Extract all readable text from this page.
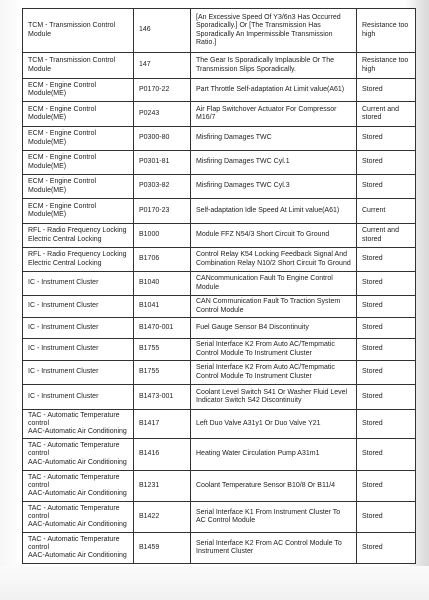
TCM - Transmission Control
Module	146	[An Excessive Speed Of Y3/6n3 Has Occurred
Sporadically.] Or [The Transmission Has
Sporadically An Impermissible Transmission
Ratio.]	Resistance too
high
TCM - Transmission Control
Module	147	The Gear Is Sporadically Implausible Or The
Transmission Slips Sporadically.	Resistance too
high
ECM - Engine Control
Module(ME)	P0170-22	Part Throttle Self-adaptation At Limit value(A61)	Stored
ECM - Engine Control
Module(ME)	P0243	Air Flap Switchover Actuator For Compressor
M16/7	Current and
stored
ECM - Engine Control
Module(ME)	P0300-80	Misfiring Damages TWC	Stored
ECM - Engine Control
Module(ME)	P0301-81	Misfiring Damages TWC Cyl.1	Stored
ECM - Engine Control
Module(ME)	P0303-82	Misfiring Damages TWC Cyl.3	Stored
ECM - Engine Control
Module(ME)	P0170-23	Self-adaptation Idle Speed At Limit value(A61)	Current
RFL - Radio Frequency Locking
Electric Central Locking	B1000	Module FFZ N54/3 Short Circuit To Ground	Current and
stored
RFL - Radio Frequency Locking
Electric Central Locking	B1706	Control Relay K54 Locking Feedback Signal And
Combination Relay N10/2 Short Circuit To Ground	Stored
IC - Instrument Cluster	B1040	CANcommunication Fault To Engine Control
Module	Stored
IC - Instrument Cluster	B1041	CAN Communication Fault To Traction System
Control Module	Stored
IC - Instrument Cluster	B1470-001	Fuel Gauge Sensor B4 Discontinuity	Stored
IC - Instrument Cluster	B1755	Serial Interface K2 From Auto AC/Tempmatic
Control Module To Instrument Cluster	Stored
IC - Instrument Cluster	B1755	Serial Interface K2 From Auto AC/Tempmatic
Control Module To Instrument Cluster	Stored
IC - Instrument Cluster	B1473-001	Coolant Level Switch S41 Or Washer Fluid Level
Indicator Switch S42 Discontinuity	Stored
TAC - Automatic Temperature
control
AAC-Automatic Air Conditioning	B1417	Left Duo Valve A31y1 Or Duo Valve Y21	Stored
TAC - Automatic Temperature
control
AAC-Automatic Air Conditioning	B1416	Heating Water Circulation Pump A31m1	Stored
TAC - Automatic Temperature
control
AAC-Automatic Air Conditioning	B1231	Coolant Temperature Sensor B10/8 Or B11/4	Stored
TAC - Automatic Temperature
control
AAC-Automatic Air Conditioning	B1422	Serial Interface K1 From Instrument Cluster To
AC Control Module	Stored
TAC - Automatic Temperature
control
AAC-Automatic Air Conditioning	B1459	Serial Interface K2 From AC Control Module To
Instrument Cluster	Stored
